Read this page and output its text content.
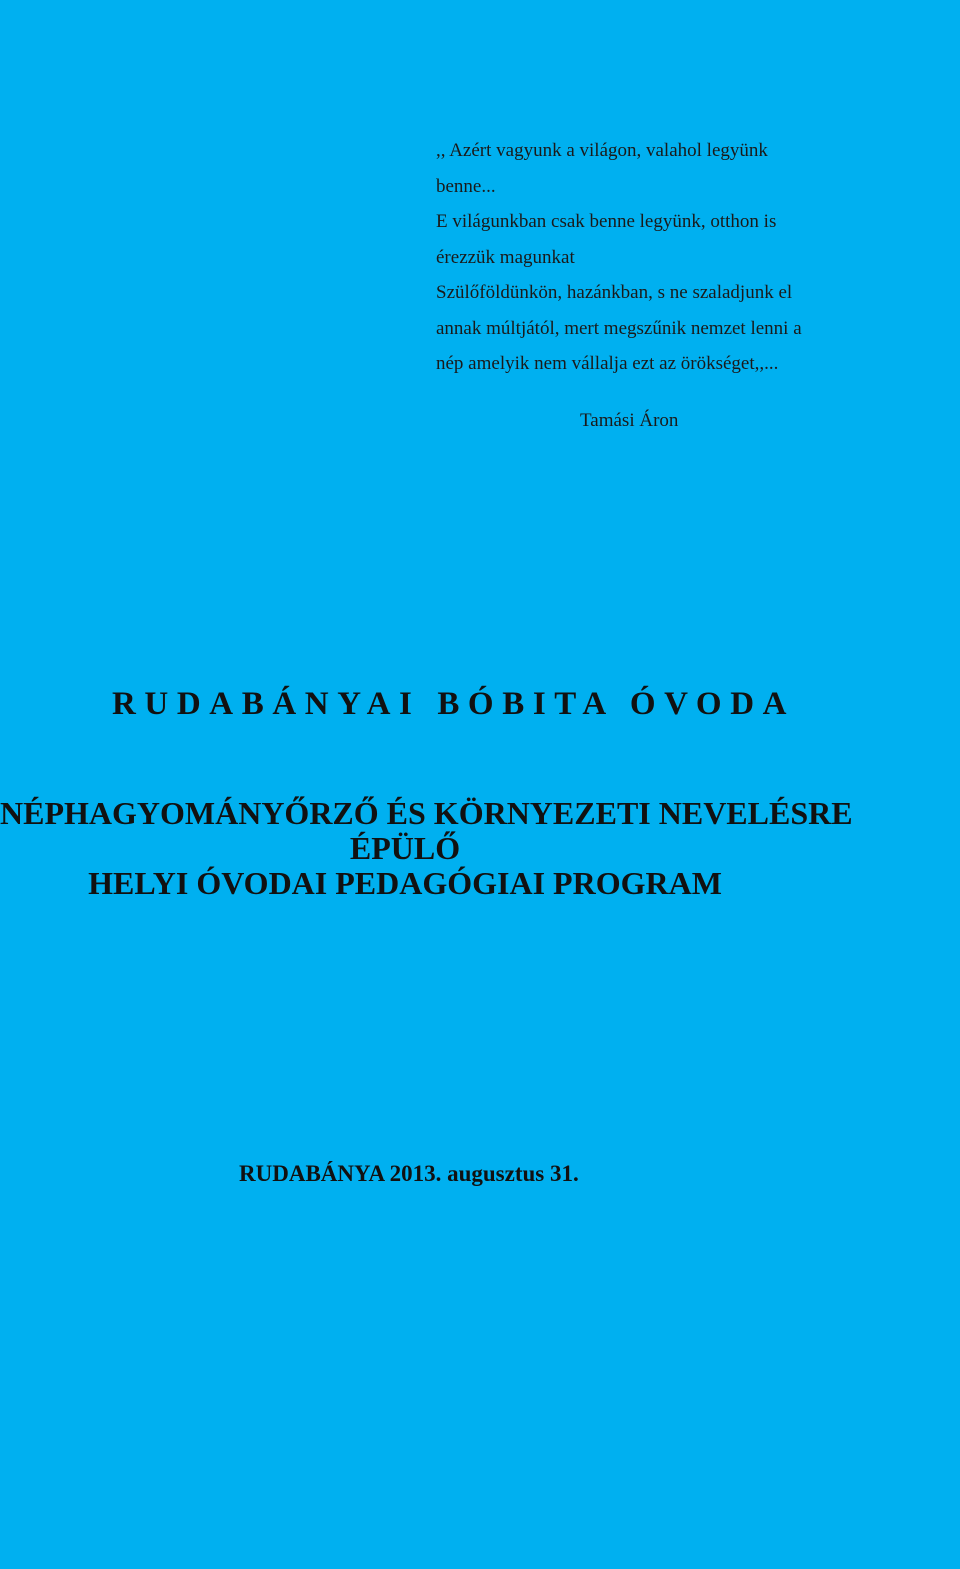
,, Azért vagyunk a világon, valahol legyünk
benne...
E világunkban csak benne legyünk, otthon is
érezzük magunkat
Szülőföldünkön, hazánkban, s ne szaladjunk el
annak múltjától, mert megszűnik nemzet lenni a
nép amelyik nem vállalja ezt az örökséget,,...
Tamási Áron
RUDABÁNYAI BÓBITA ÓVODA
NÉPHAGYOMÁNYŐRZŐ ÉS KÖRNYEZETI NEVELÉSRE
ÉPÜLŐ
HELYI ÓVODAI PEDAGÓGIAI PROGRAM
RUDABÁNYA 2013. augusztus 31.
